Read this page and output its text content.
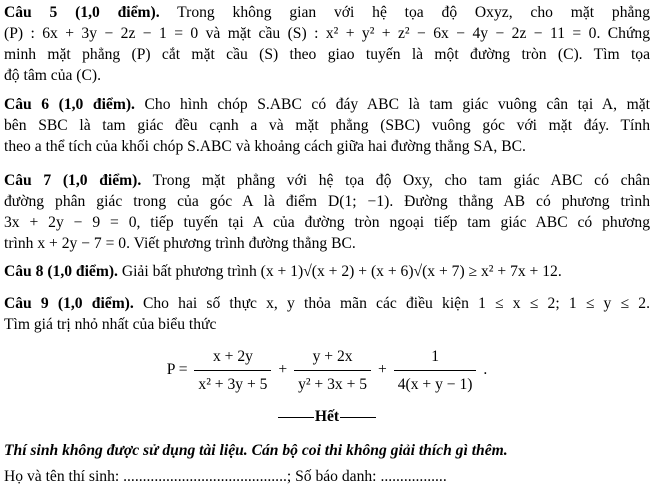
Câu 5 (1,0 điểm). Trong không gian với hệ tọa độ Oxyz, cho mặt phẳng
(P) : 6x + 3y − 2z − 1 = 0 và mặt cầu (S) : x² + y² + z² − 6x − 4y − 2z − 11 = 0. Chứng
minh mặt phẳng (P) cắt mặt cầu (S) theo giao tuyến là một đường tròn (C). Tìm tọa
độ tâm của (C).
Câu 6 (1,0 điểm). Cho hình chóp S.ABC có đáy ABC là tam giác vuông cân tại A, mặt
bên SBC là tam giác đều cạnh a và mặt phẳng (SBC) vuông góc với mặt đáy. Tính
theo a thể tích của khối chóp S.ABC và khoảng cách giữa hai đường thẳng SA, BC.
Câu 7 (1,0 điểm). Trong mặt phẳng với hệ tọa độ Oxy, cho tam giác ABC có chân
đường phân giác trong của góc A là điểm D(1; −1). Đường thẳng AB có phương trình
3x + 2y − 9 = 0, tiếp tuyến tại A của đường tròn ngoại tiếp tam giác ABC có phương
trình x + 2y − 7 = 0. Viết phương trình đường thẳng BC.
Câu 8 (1,0 điểm). Giải bất phương trình (x + 1)√(x + 2) + (x + 6)√(x + 7) ≥ x² + 7x + 12.
Câu 9 (1,0 điểm). Cho hai số thực x, y thỏa mãn các điều kiện 1 ≤ x ≤ 2; 1 ≤ y ≤ 2.
Tìm giá trị nhỏ nhất của biểu thức
$P = \frac{x + 2y}{\text{x² + 3y + 5}} + \frac{y + 2x}{\text{y² + 3x + 5}} + \frac{1}{4(x + y - 1)}$ .
Hết
Thí sinh không được sử dụng tài liệu. Cán bộ coi thi không giải thích gì thêm.
Họ và tên thí sinh: ..........................................; Số báo danh: .................
